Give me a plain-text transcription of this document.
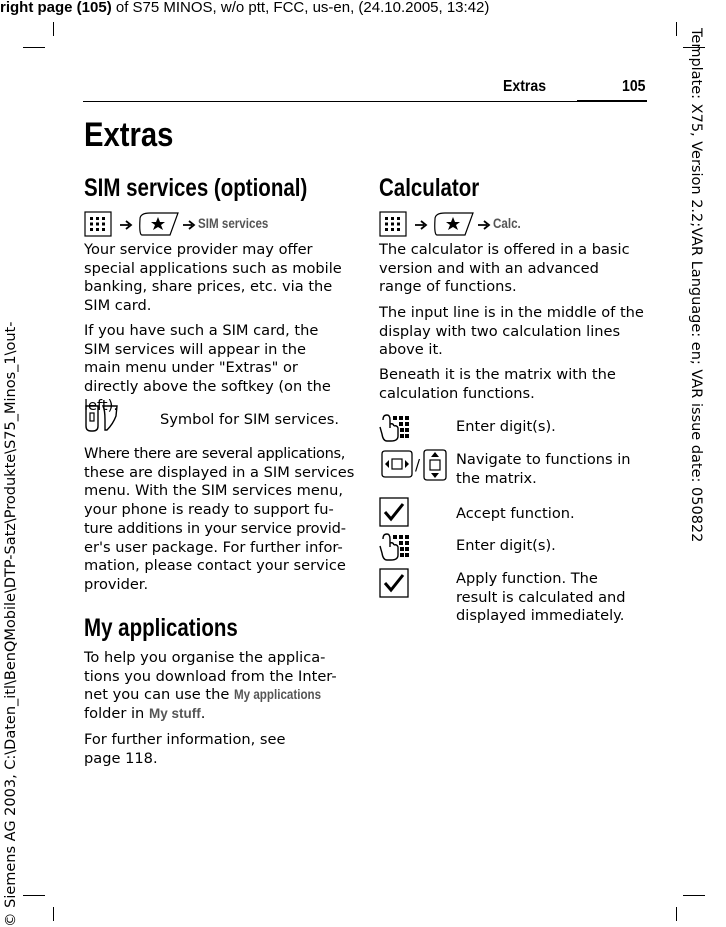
right page (105) of S75 MINOS, w/o ptt, FCC, us-en, (24.10.2005, 13:42)
Template: X75, Version 2.2;VAR Language: en; VAR issue date: 050822
© Siemens AG 2003, C:\Daten_itl\BenQMobile\DTP-Satz\Produkte\S75_Minos_1\out-
Extras	105
Extras
SIM services (optional)
SIM services

Your service provider may offer special applications such as mobile banking, share prices, etc. via the SIM card.

If you have such a SIM card, the SIM services will appear in the main menu under "Extras" or directly above the softkey (on the left).

Symbol for SIM services.

Where there are several applications,

these are displayed in a SIM services

menu. With the SIM services menu,

your phone is ready to support fu-

ture additions in your service provid-

er's user package. For further infor-

mation, please contact your service

provider.

My applications

To help you organise the applica-

tions you download from the Inter-

net you can use the My applications

folder in My stuff.

For further information, see

page 118.

Calculator
Calc.

The calculator is offered in a basic version and with an advanced range of functions.

The input line is in the middle of the display with two calculation lines above it.

Beneath it is the matrix with the calculation functions.

Enter digit(s).
/ Navigate to functions in the matrix.
Accept function.
Enter digit(s).
Apply function. The result is calculated and displayed immediately.
